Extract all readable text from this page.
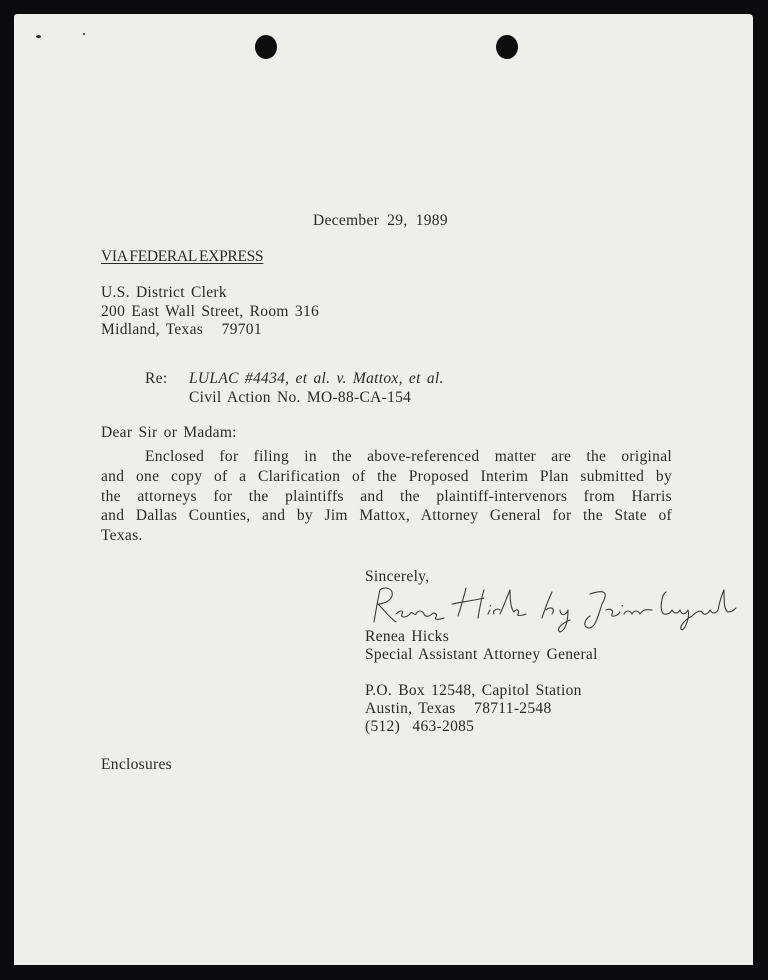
December 29, 1989
VIA FEDERAL EXPRESS
U.S. District Clerk
200 East Wall Street, Room 316
Midland, Texas   79701
Re: LULAC #4434, et al. v. Mattox, et al.
Civil Action No. MO-88-CA-154
Dear Sir or Madam:
Enclosed for filing in the above-referenced matter are the original
and one copy of a Clarification of the Proposed Interim Plan submitted by
the attorneys for the plaintiffs and the plaintiff-intervenors from Harris
and Dallas Counties, and by Jim Mattox, Attorney General for the State of
Texas.
Sincerely,
Renea Hicks
Special Assistant Attorney General
P.O. Box 12548, Capitol Station
Austin, Texas   78711-2548
(512)  463-2085
Enclosures
